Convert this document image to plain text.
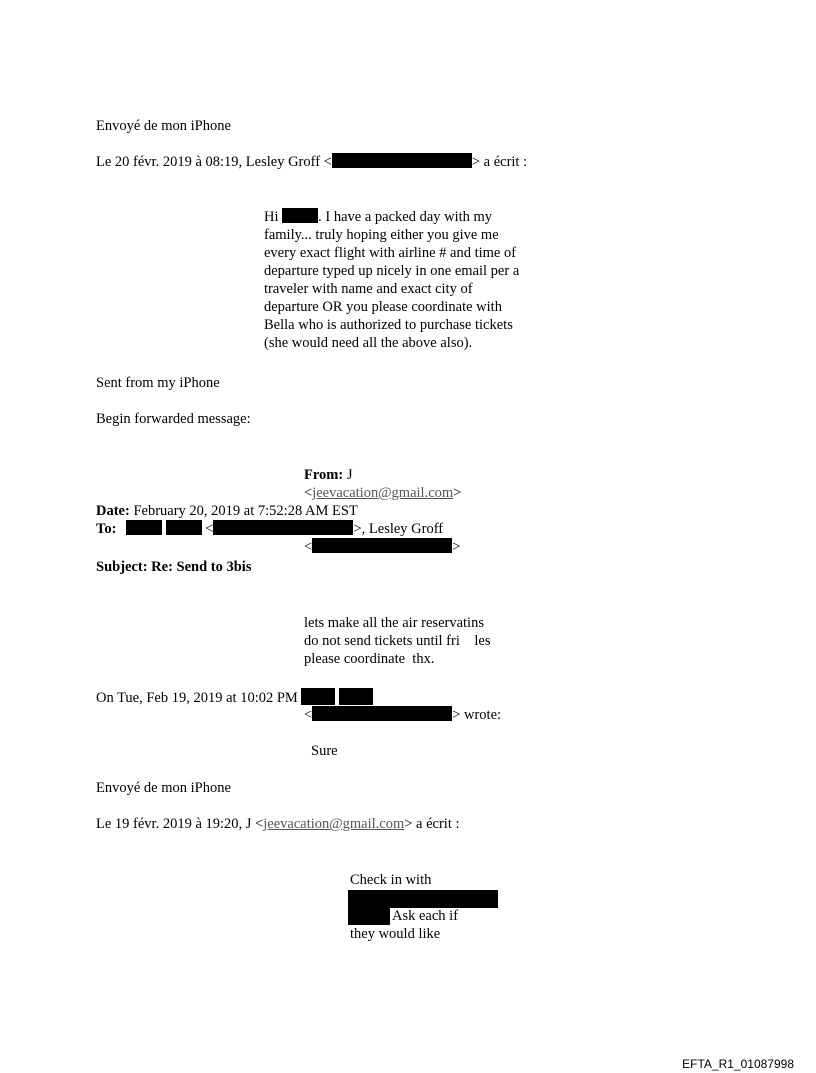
Envoyé de mon iPhone
Le 20 févr. 2019 à 08:19, Lesley Groff <	> a écrit :
Hi	. I have a packed day with my
family... truly hoping either you give me
every exact flight with airline # and time of
departure typed up nicely in one email per a
traveler with name and exact city of
departure OR you please coordinate with
Bella who is authorized to purchase tickets
(she would need all the above also).
Sent from my iPhone
Begin forwarded message:
From: J
<jeevacation@gmail.com>
Date: February 20, 2019 at 7:52:28 AM EST
To:	<	>, Lesley Groff
<	>
Subject: Re: Send to 3bis
lets make all the air reservatins
do not send tickets until fri    les
please coordinate  thx.
On Tue, Feb 19, 2019 at 10:02 PM
<	> wrote:
Sure
Envoyé de mon iPhone
Le 19 févr. 2019 à 19:20, J <jeevacation@gmail.com> a écrit :
Check in with
Ask each if
they would like
EFTA_R1_01087998
